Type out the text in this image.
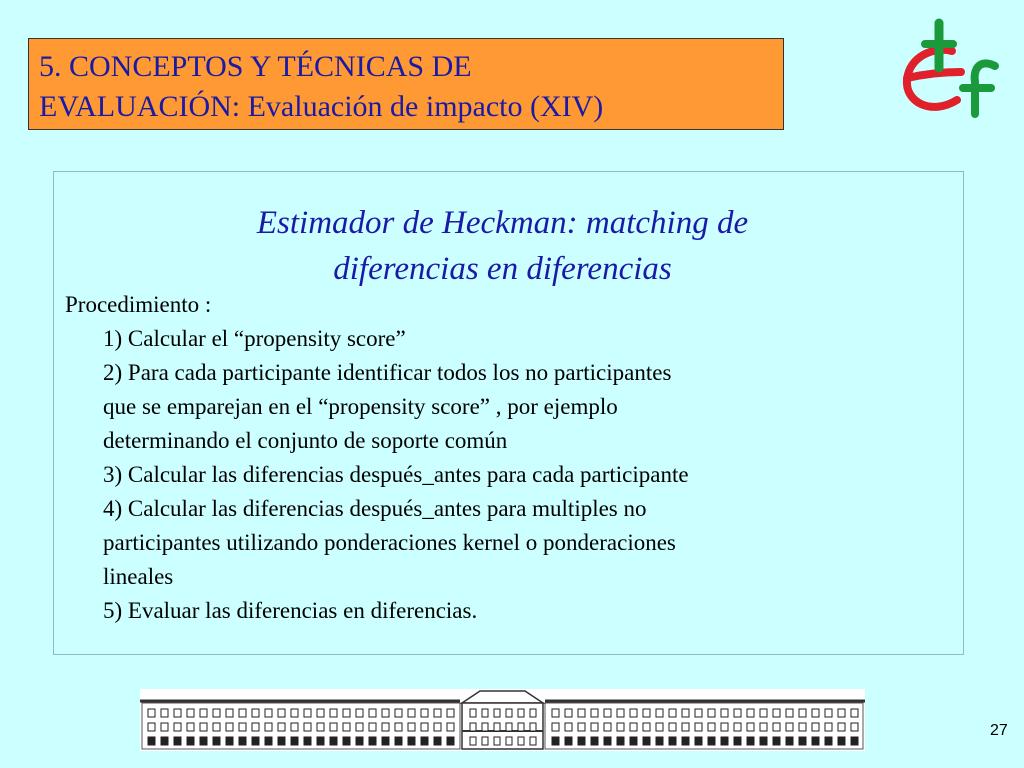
5. CONCEPTOS Y TÉCNICAS DE
EVALUACIÓN: Evaluación de impacto (XIV)
Estimador de Heckman: matching de
diferencias en diferencias
Procedimiento :
1) Calcular el “propensity score”
2) Para cada participante identificar todos los no participantes
que se emparejan en el “propensity score” , por ejemplo
determinando el conjunto de soporte común
3) Calcular las diferencias después_antes para cada participante
4) Calcular las diferencias después_antes para multiples no
participantes utilizando ponderaciones kernel o ponderaciones
lineales
5) Evaluar las diferencias en diferencias.
27
